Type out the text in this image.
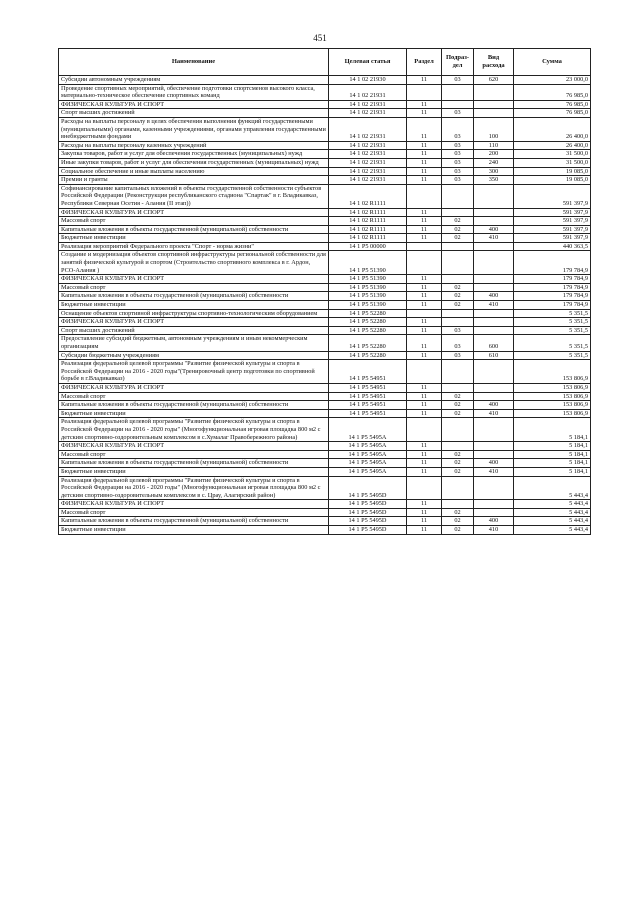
451
Наименование	Целевая статья	Раздел	Подраз-дел	Вид расхода	Сумма
Субсидии автономным учреждениям	14 1 02 21930	11	03	620	23 000,0
Проведение спортивных мероприятий, обеспечение подготовки спортсменов высокого класса, материально-техническое обеспечение спортивных команд	14 1 02 21931				76 985,0
ФИЗИЧЕСКАЯ КУЛЬТУРА И СПОРТ	14 1 02 21931	11			76 985,0
Спорт высших достижений	14 1 02 21931	11	03		76 985,0
Расходы на выплаты персоналу в целях обеспечения выполнения функций государственными (муниципальными) органами, казенными учреждениями, органами управления государственными внебюджетными фондами	14 1 02 21931	11	03	100	26 400,0
Расходы на выплаты персоналу казенных учреждений	14 1 02 21931	11	03	110	26 400,0
Закупка товаров, работ и услуг для обеспечения государственных (муниципальных) нужд	14 1 02 21931	11	03	200	31 500,0
Иные закупки товаров, работ и услуг для обеспечения государственных (муниципальных) нужд	14 1 02 21931	11	03	240	31 500,0
Социальное обеспечение и иные выплаты населению	14 1 02 21931	11	03	300	19 085,0
Премии и гранты	14 1 02 21931	11	03	350	19 085,0
Софинансирование капитальных вложений в объекты государственной собственности субъектов Российской Федерации (Реконструкция республиканского стадиона "Спартак" в г. Владикавказ, Республики Северная Осетия - Алания (II этап))	14 1 02 R1111				591 397,9
ФИЗИЧЕСКАЯ КУЛЬТУРА И СПОРТ	14 1 02 R1111	11			591 397,9
Массовый спорт	14 1 02 R1111	11	02		591 397,9
Капитальные вложения в объекты государственной (муниципальной) собственности	14 1 02 R1111	11	02	400	591 397,9
Бюджетные инвестиции	14 1 02 R1111	11	02	410	591 397,9
Реализация мероприятий Федерального проекта "Спорт - норма жизни"	14 1 P5 00000				440 363,5
Создание и модернизация объектов спортивной инфраструктуры региональной собственности для занятий физической культурой и спортом (Строительство спортивного комплекса в г. Ардон, РСО-Алания )	14 1 P5 51390				179 784,9
ФИЗИЧЕСКАЯ КУЛЬТУРА И СПОРТ	14 1 P5 51390	11			179 784,9
Массовый спорт	14 1 P5 51390	11	02		179 784,9
Капитальные вложения в объекты государственной (муниципальной) собственности	14 1 P5 51390	11	02	400	179 784,9
Бюджетные инвестиции	14 1 P5 51390	11	02	410	179 784,9
Оснащение объектов спортивной инфраструктуры спортивно-технологическим оборудованием	14 1 P5 52280				5 351,5
ФИЗИЧЕСКАЯ КУЛЬТУРА И СПОРТ	14 1 P5 52280	11			5 351,5
Спорт высших достижений	14 1 P5 52280	11	03		5 351,5
Предоставление субсидий бюджетным, автономным учреждениям и иным некоммерческим организациям	14 1 P5 52280	11	03	600	5 351,5
Субсидии бюджетным учреждениям	14 1 P5 52280	11	03	610	5 351,5
Реализация федеральной целевой программы "Развитие физической культуры и спорта в Российской Федерации на 2016 - 2020 годы"(Тренировочный центр подготовки по спортивной борьбе в г.Владикавказ)	14 1 P5 54951				153 806,9
ФИЗИЧЕСКАЯ КУЛЬТУРА И СПОРТ	14 1 P5 54951	11			153 806,9
Массовый спорт	14 1 P5 54951	11	02		153 806,9
Капитальные вложения в объекты государственной (муниципальной) собственности	14 1 P5 54951	11	02	400	153 806,9
Бюджетные инвестиции	14 1 P5 54951	11	02	410	153 806,9
Реализация федеральной целевой программы "Развитие физической культуры и спорта в Российской Федерации на 2016 - 2020 годы" (Многофункциональная игровая площадка 800 м2 с детским спортивно-оздоровительным комплексом в с.Хумалаг Правобережного района)	14 1 P5 5495A				5 184,1
ФИЗИЧЕСКАЯ КУЛЬТУРА И СПОРТ	14 1 P5 5495A	11			5 184,1
Массовый спорт	14 1 P5 5495A	11	02		5 184,1
Капитальные вложения в объекты государственной (муниципальной) собственности	14 1 P5 5495A	11	02	400	5 184,1
Бюджетные инвестиции	14 1 P5 5495A	11	02	410	5 184,1
Реализация федеральной целевой программы "Развитие физической культуры и спорта в Российской Федерации на 2016 - 2020 годы" (Многофункциональная игровая площадка 800 м2 с детским спортивно-оздоровительным комплексом в с. Црау, Алагирский район)	14 1 P5 5495D				5 443,4
ФИЗИЧЕСКАЯ КУЛЬТУРА И СПОРТ	14 1 P5 5495D	11			5 443,4
Массовый спорт	14 1 P5 5495D	11	02		5 443,4
Капитальные вложения в объекты государственной (муниципальной) собственности	14 1 P5 5495D	11	02	400	5 443,4
Бюджетные инвестиции	14 1 P5 5495D	11	02	410	5 443,4
